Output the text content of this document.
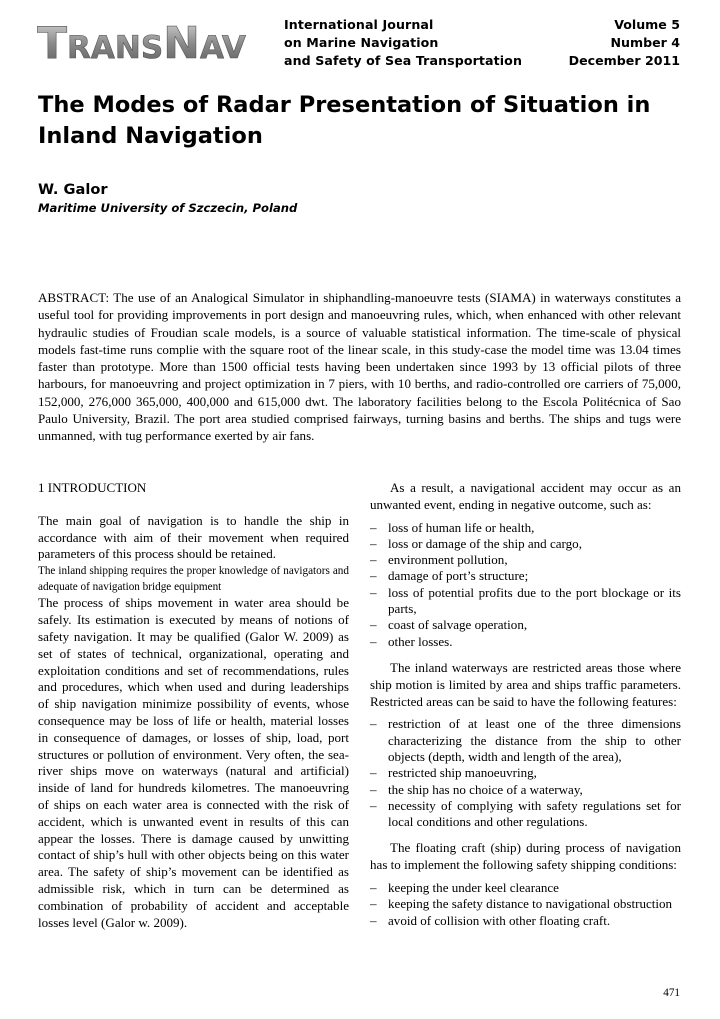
TRANSNAV
International Journal
on Marine Navigation
and Safety of Sea Transportation
Volume 5
Number 4
December 2011
The Modes of Radar Presentation of Situation in Inland Navigation

W. Galor

Maritime University of Szczecin, Poland

ABSTRACT: The use of an Analogical Simulator in shiphandling-manoeuvre tests (SIAMA) in waterways constitutes a useful tool for providing improvements in port design and manoeuvring rules, which, when enhanced with other relevant hydraulic studies of Froudian scale models, is a source of valuable statistical information. The time-scale of physical models fast-time runs complie with the square root of the linear scale, in this study-case the model time was 13.04 times faster than prototype. More than 1500 official tests having been undertaken since 1993 by 13 official pilots of three harbours, for manoeuvring and project optimization in 7 piers, with 10 berths, and radio-controlled ore carriers of 75,000, 152,000, 276,000 365,000, 400,000 and 615,000 dwt. The laboratory facilities belong to the Escola Politécnica of Sao Paulo University, Brazil. The port area studied comprised fairways, turning basins and berths. The ships and tugs were unmanned, with tug performance exerted by air fans.

1 INTRODUCTION

The main goal of navigation is to handle the ship in accordance with aim of their movement when required parameters of this process should be retained.

The inland shipping requires the proper knowledge of navigators and adequate of navigation bridge equipment

The process of ships movement in water area should be safely. Its estimation is executed by means of notions of safety navigation. It may be qualified (Galor W. 2009) as set of states of technical, organizational, operating and exploitation conditions and set of recommendations, rules and procedures, which when used and during leaderships of ship navigation minimize possibility of events, whose consequence may be loss of life or health, material losses in consequence of damages, or losses of ship, load, port structures or pollution of environment. Very often, the sea-river ships move on waterways (natural and artificial) inside of land for hundreds kilometres. The manoeuvring of ships on each water area is connected with the risk of accident, which is unwanted event in results of this can appear the losses. There is damage caused by unwitting contact of ship’s hull with other objects being on this water area. The safety of ship’s movement can be identified as admissible risk, which in turn can be determined as combination of probability of accident and acceptable losses level (Galor w. 2009).

As a result, a navigational accident may occur as an unwanted event, ending in negative outcome, such as:

– loss of human life or health,
– loss or damage of the ship and cargo,
– environment pollution,
– damage of port’s structure;
– loss of potential profits due to the port blockage or its parts,
– coast of salvage operation,
– other losses.

The inland waterways are restricted areas those where ship motion is limited by area and ships traffic parameters. Restricted areas can be said to have the following features:

– restriction of at least one of the three dimensions characterizing the distance from the ship to other objects (depth, width and length of the area),
– restricted ship manoeuvring,
– the ship has no choice of a waterway,
– necessity of complying with safety regulations set for local conditions and other regulations.

The floating craft (ship) during process of navigation has to implement the following safety shipping conditions:

– keeping the under keel clearance
– keeping the safety distance to navigational obstruction
– avoid of collision with other floating craft.
471
